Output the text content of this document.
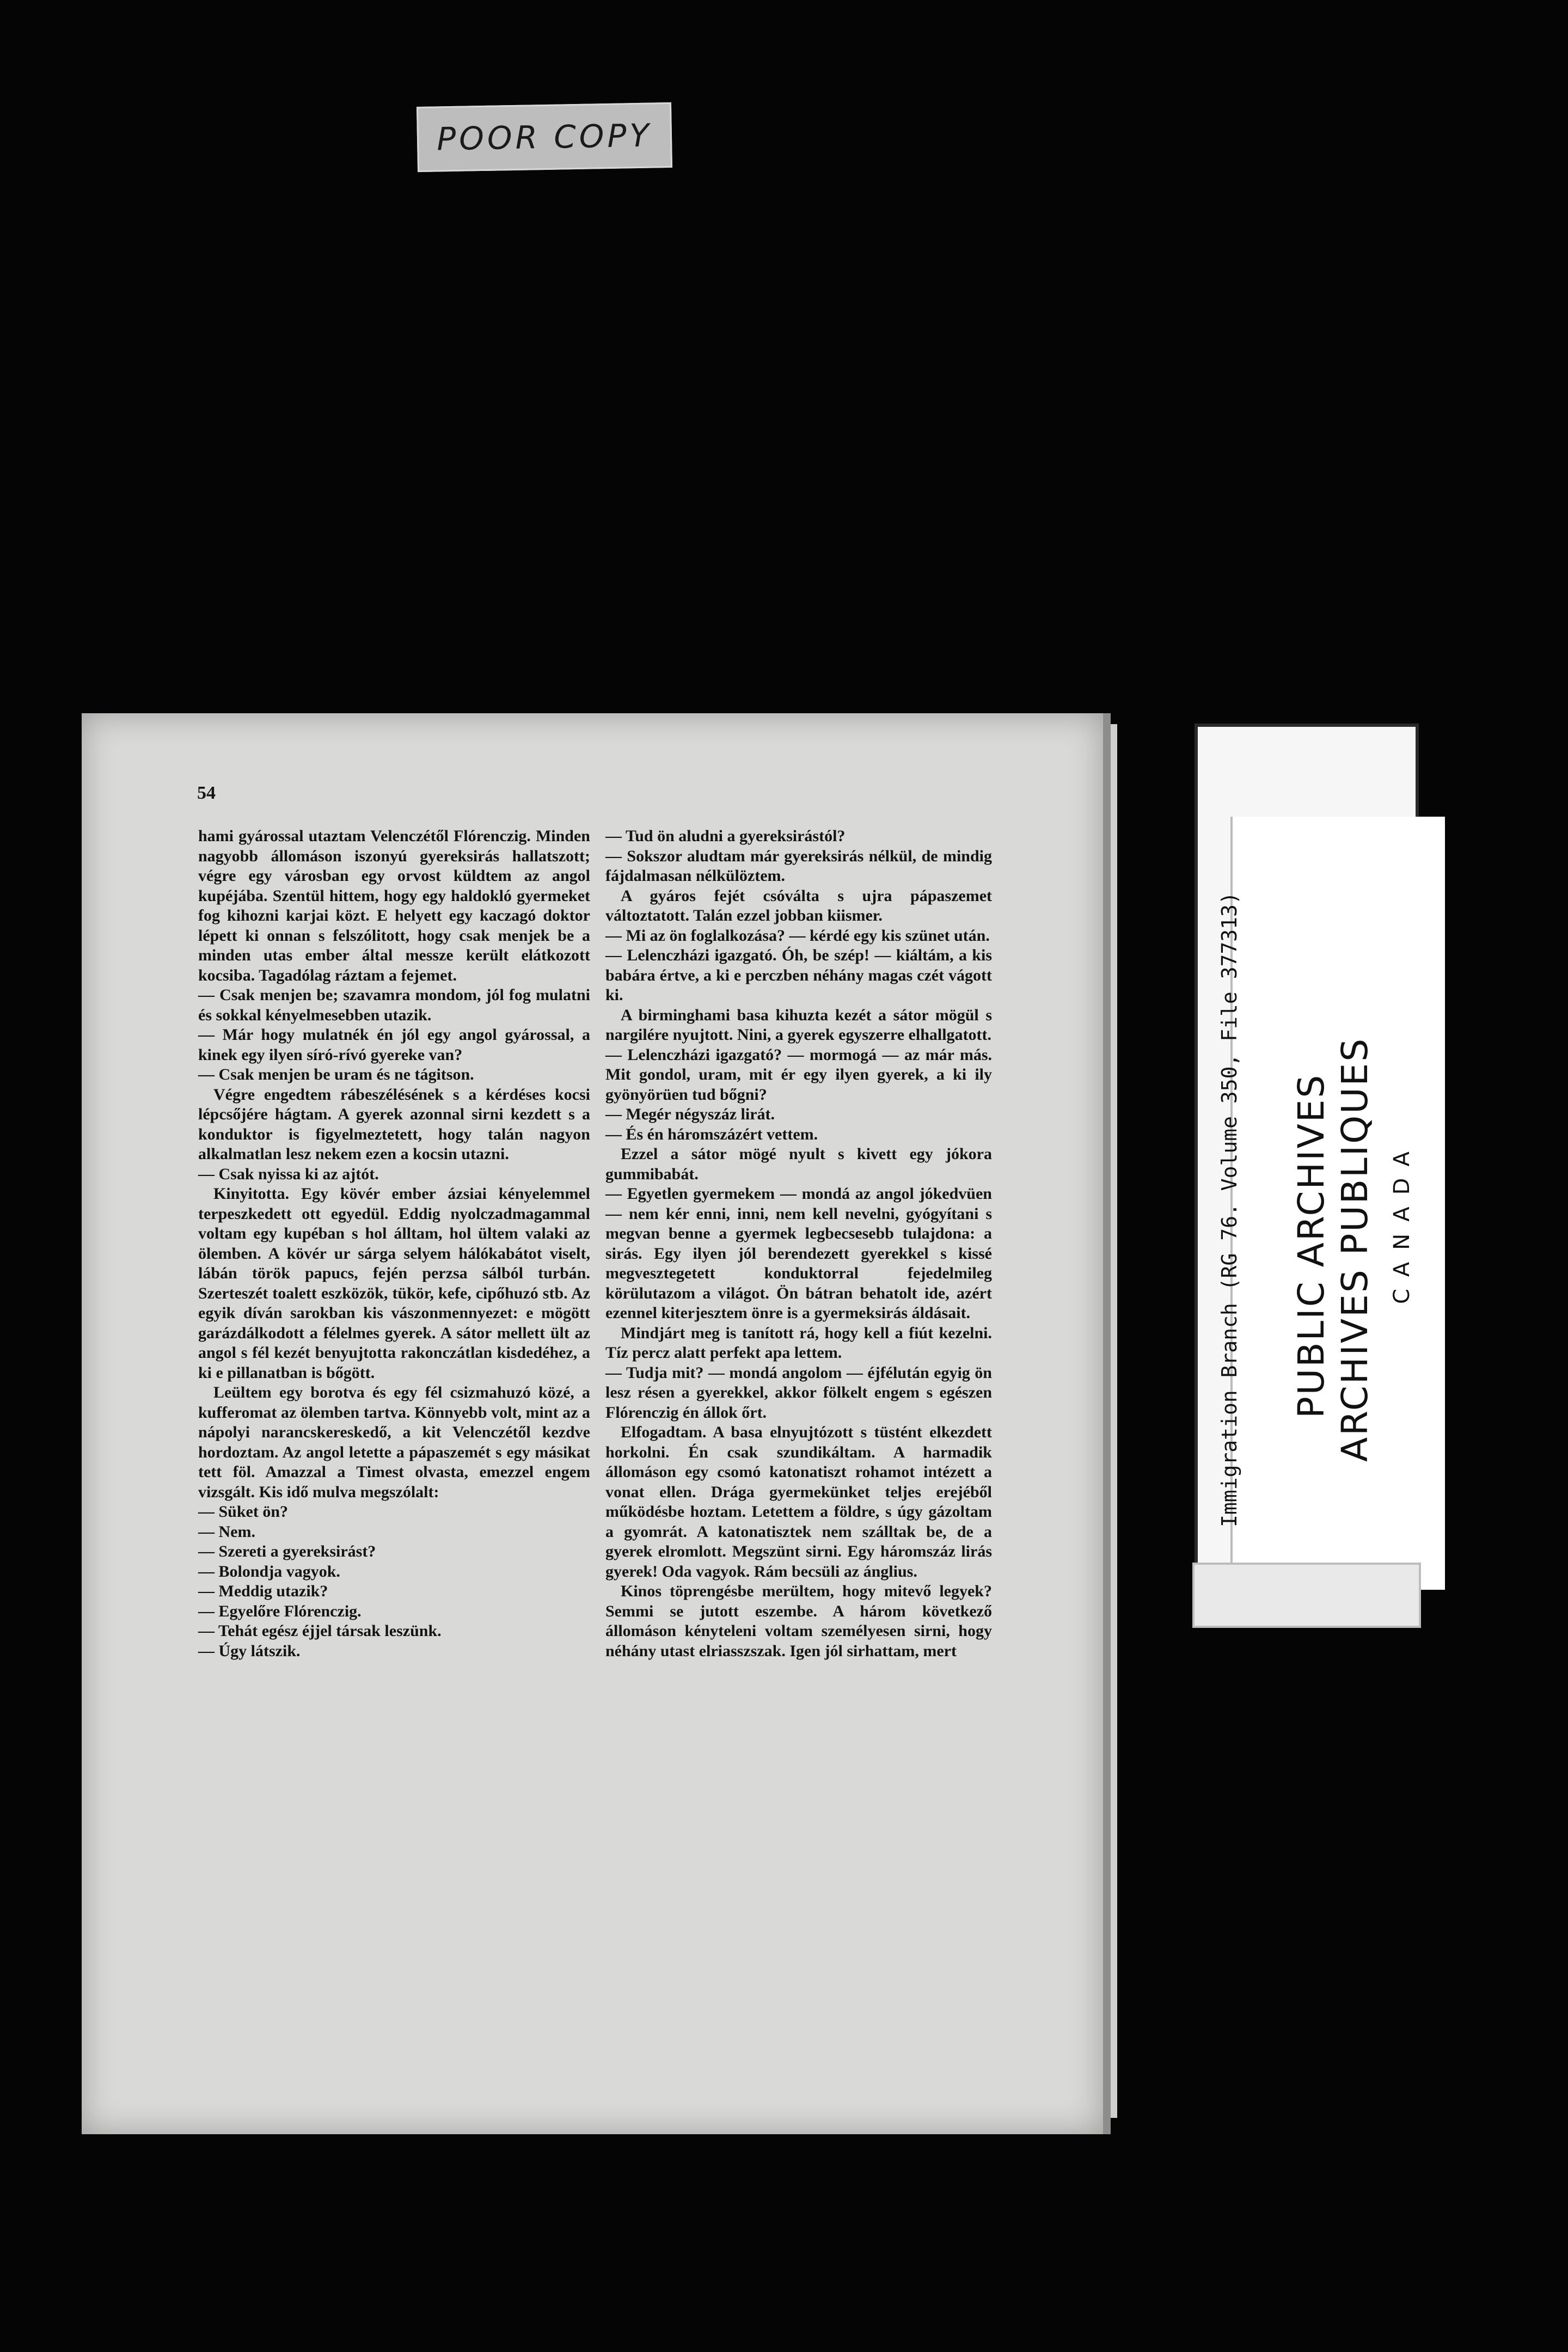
POOR COPY
54

hami gyárossal utaztam Velenczétől Flórenczig. Minden nagyobb állomáson iszonyú gyereksirás hallatszott; végre egy városban egy orvost küldtem az angol kupéjába. Szentül hittem, hogy egy haldokló gyermeket fog kihozni karjai közt. E helyett egy kaczagó doktor lépett ki onnan s felszólitott, hogy csak menjek be a minden utas ember által messze került elátkozott kocsiba. Tagadólag ráztam a fejemet.

— Csak menjen be; szavamra mondom, jól fog mulatni és sokkal kényelmesebben utazik.

— Már hogy mulatnék én jól egy angol gyárossal, a kinek egy ilyen síró-rívó gyereke van?

— Csak menjen be uram és ne tágitson.

Végre engedtem rábeszélésének s a kérdéses kocsi lépcsőjére hágtam. A gyerek azonnal sirni kezdett s a konduktor is figyelmeztetett, hogy talán nagyon alkalmatlan lesz nekem ezen a kocsin utazni.

— Csak nyissa ki az ajtót.

Kinyitotta. Egy kövér ember ázsiai kényelemmel terpeszkedett ott egyedül. Eddig nyolczadmagammal voltam egy kupéban s hol álltam, hol ültem valaki az ölemben. A kövér ur sárga selyem hálókabátot viselt, lábán török papucs, fején perzsa sálból turbán. Szerteszét toalett eszközök, tükör, kefe, cipőhuzó stb. Az egyik díván sarokban kis vászonmennyezet: e mögött garázdálkodott a félelmes gyerek. A sátor mellett ült az angol s fél kezét benyujtotta rakonczátlan kisdedéhez, a ki e pillanatban is bőgött.

Leültem egy borotva és egy fél csizmahuzó közé, a kufferomat az ölemben tartva. Könnyebb volt, mint az a nápolyi narancskereskedő, a kit Velenczétől kezdve hordoztam. Az angol letette a pápaszemét s egy másikat tett föl. Amazzal a Timest olvasta, emezzel engem vizsgált. Kis idő mulva megszólalt:

— Süket ön?

— Nem.

— Szereti a gyereksirást?

— Bolondja vagyok.

— Meddig utazik?

— Egyelőre Flórenczig.

— Tehát egész éjjel társak leszünk.

— Úgy látszik.

— Tud ön aludni a gyereksirástól?

— Sokszor aludtam már gyereksirás nélkül, de mindig fájdalmasan nélkülöztem.

A gyáros fejét csóválta s ujra pápaszemet változtatott. Talán ezzel jobban kiismer.

— Mi az ön foglalkozása? — kérdé egy kis szünet után.

— Lelenczházi igazgató. Óh, be szép! — kiáltám, a kis babára értve, a ki e perczben néhány magas czét vágott ki.

A birminghami basa kihuzta kezét a sátor mögül s nargilére nyujtott. Nini, a gyerek egyszerre elhallgatott.

— Lelenczházi igazgató? — mormogá — az már más. Mit gondol, uram, mit ér egy ilyen gyerek, a ki ily gyönyörüen tud bőgni?

— Megér négyszáz lirát.

— És én háromszázért vettem.

Ezzel a sátor mögé nyult s kivett egy jókora gummibabát.

— Egyetlen gyermekem — mondá az angol jókedvüen — nem kér enni, inni, nem kell nevelni, gyógyítani s megvan benne a gyermek legbecsesebb tulajdona: a sirás. Egy ilyen jól berendezett gyerekkel s kissé megvesztegetett konduktorral fejedelmileg körülutazom a világot. Ön bátran behatolt ide, azért ezennel kiterjesztem önre is a gyermeksirás áldásait.

Mindjárt meg is tanított rá, hogy kell a fiút kezelni. Tíz percz alatt perfekt apa lettem.

— Tudja mit? — mondá angolom — éjfélután egyig ön lesz résen a gyerekkel, akkor fölkelt engem s egészen Flórenczig én állok őrt.

Elfogadtam. A basa elnyujtózott s tüstént elkezdett horkolni. Én csak szundikáltam. A harmadik állomáson egy csomó katonatiszt rohamot intézett a vonat ellen. Drága gyermekünket teljes erejéből működésbe hoztam. Letettem a földre, s úgy gázoltam a gyomrát. A katonatisztek nem szálltak be, de a gyerek elromlott. Megszünt sirni. Egy háromszáz lirás gyerek! Oda vagyok. Rám becsüli az ánglius.

Kinos töprengésbe merültem, hogy mitevő legyek? Semmi se jutott eszembe. A három következő állomáson kényteleni voltam személyesen sirni, hogy néhány utast elriasszszak. Igen jól sirhattam, mert

Immigration Branch (RG 76. Volume 350, File 377313) PUBLIC ARCHIVES ARCHIVES PUBLIQUES CANADA
